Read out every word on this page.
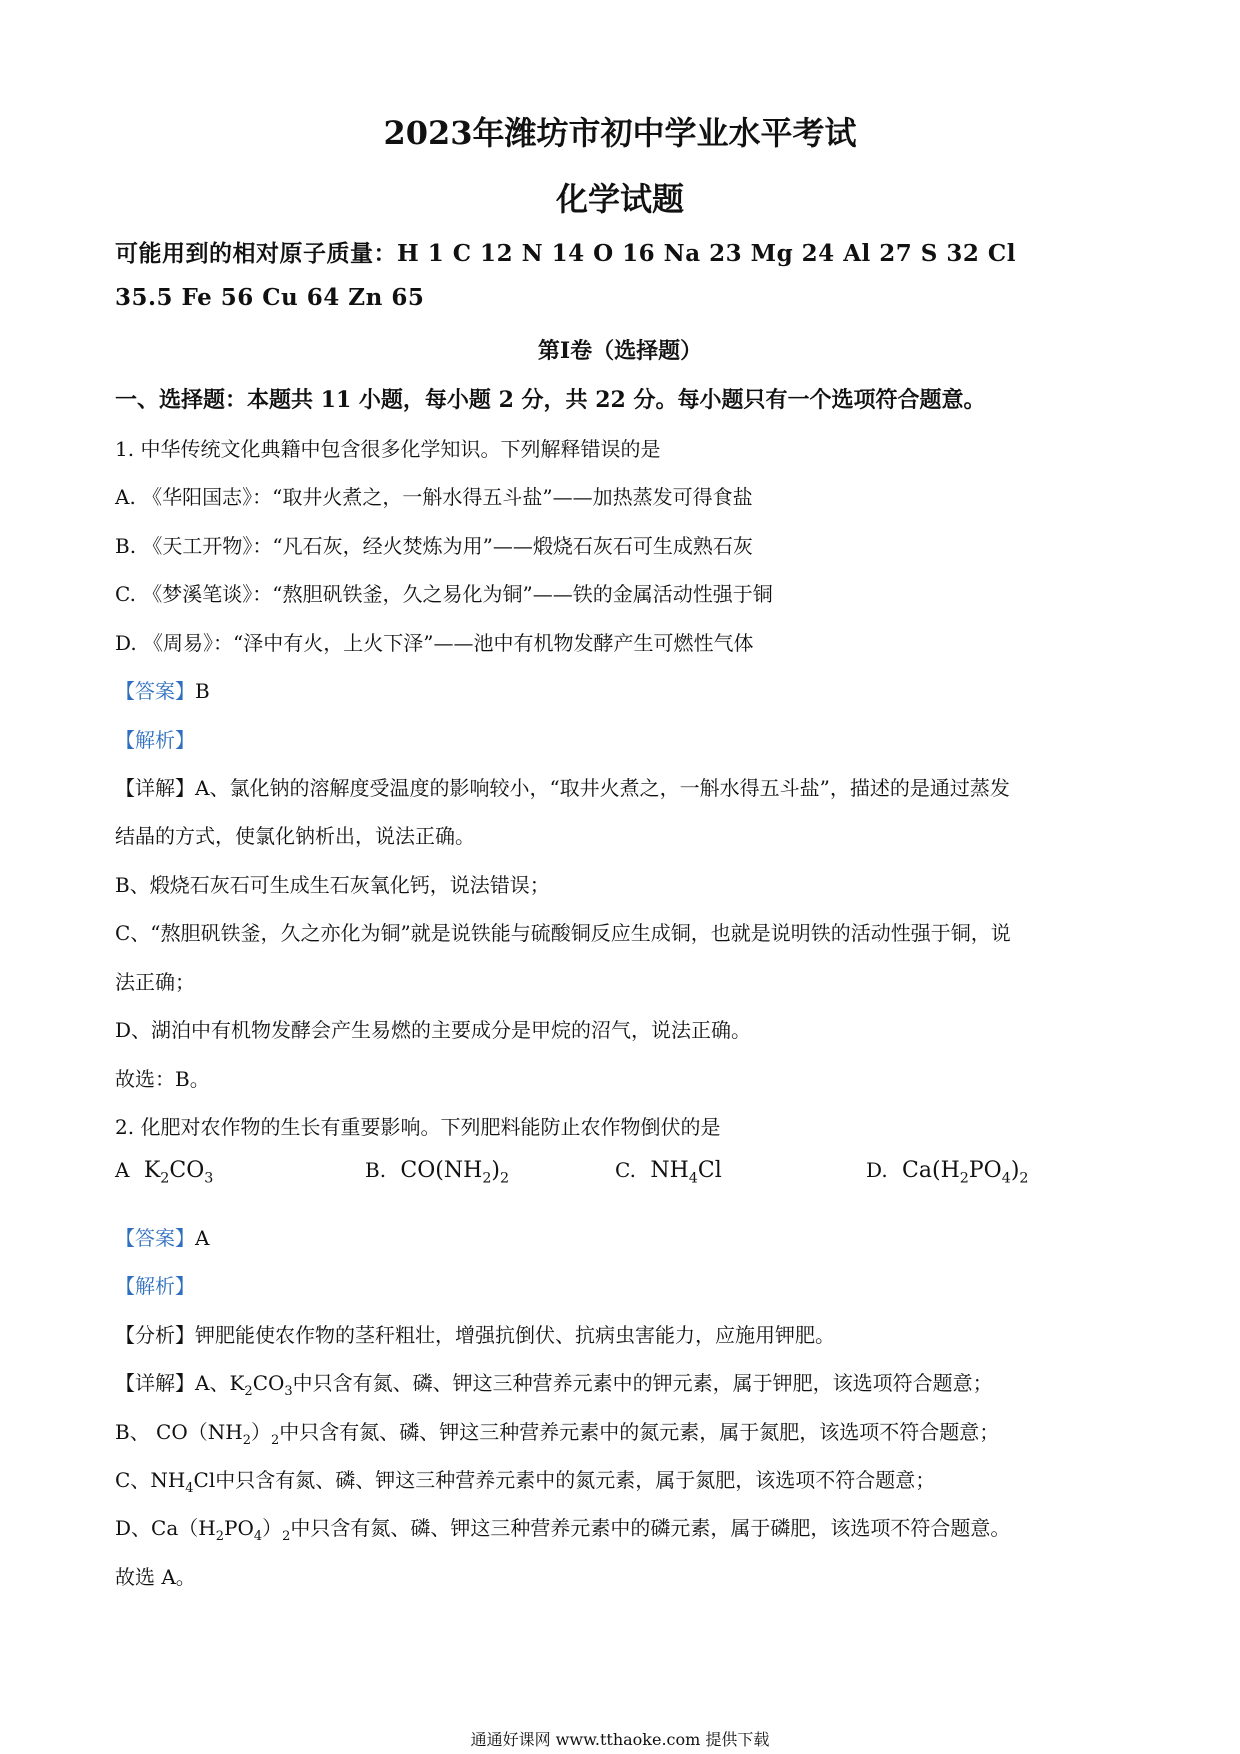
2023年潍坊市初中学业水平考试
化学试题
可能用到的相对原子质量：H 1 C 12 N 14 O 16 Na 23 Mg 24 Al 27 S 32 Cl
35.5 Fe 56 Cu 64 Zn 65
第I卷（选择题）
一、选择题：本题共 11 小题，每小题 2 分，共 22 分。每小题只有一个选项符合题意。
1. 中华传统文化典籍中包含很多化学知识。下列解释错误的是
A. 《华阳国志》：“取井火煮之，一斛水得五斗盐”——加热蒸发可得食盐
B. 《天工开物》：“凡石灰，经火焚炼为用”——煅烧石灰石可生成熟石灰
C. 《梦溪笔谈》：“熬胆矾铁釜，久之易化为铜”——铁的金属活动性强于铜
D. 《周易》：“泽中有火，上火下泽”——池中有机物发酵产生可燃性气体
【答案】B
【解析】
【详解】A、氯化钠的溶解度受温度的影响较小，“取井火煮之，一斛水得五斗盐”，描述的是通过蒸发
结晶的方式，使氯化钠析出，说法正确。
B、煅烧石灰石可生成生石灰氧化钙，说法错误；
C、“熬胆矾铁釜，久之亦化为铜”就是说铁能与硫酸铜反应生成铜，也就是说明铁的活动性强于铜，说
法正确；
D、湖泊中有机物发酵会产生易燃的主要成分是甲烷的沼气，说法正确。
故选：B。
2. 化肥对农作物的生长有重要影响。下列肥料能防止农作物倒伏的是
A $K_2CO_3$	B. $CO(NH_2)_2$	C. $NH_4Cl$	D. $Ca(H_2PO_4)_2$
【答案】A
【解析】
【分析】钾肥能使农作物的茎秆粗壮，增强抗倒伏、抗病虫害能力，应施用钾肥。
【详解】A、$K_2CO_3$中只含有氮、磷、钾这三种营养元素中的钾元素，属于钾肥，该选项符合题意；
B、 $CO(NH_2)_2$中只含有氮、磷、钾这三种营养元素中的氮元素，属于氮肥，该选项不符合题意；
C、$NH_4Cl$中只含有氮、磷、钾这三种营养元素中的氮元素，属于氮肥，该选项不符合题意；
D、$Ca(H_2PO_4)_2$中只含有氮、磷、钾这三种营养元素中的磷元素，属于磷肥，该选项不符合题意。
故选 A。
通通好课网 www.tthaoke.com 提供下载
